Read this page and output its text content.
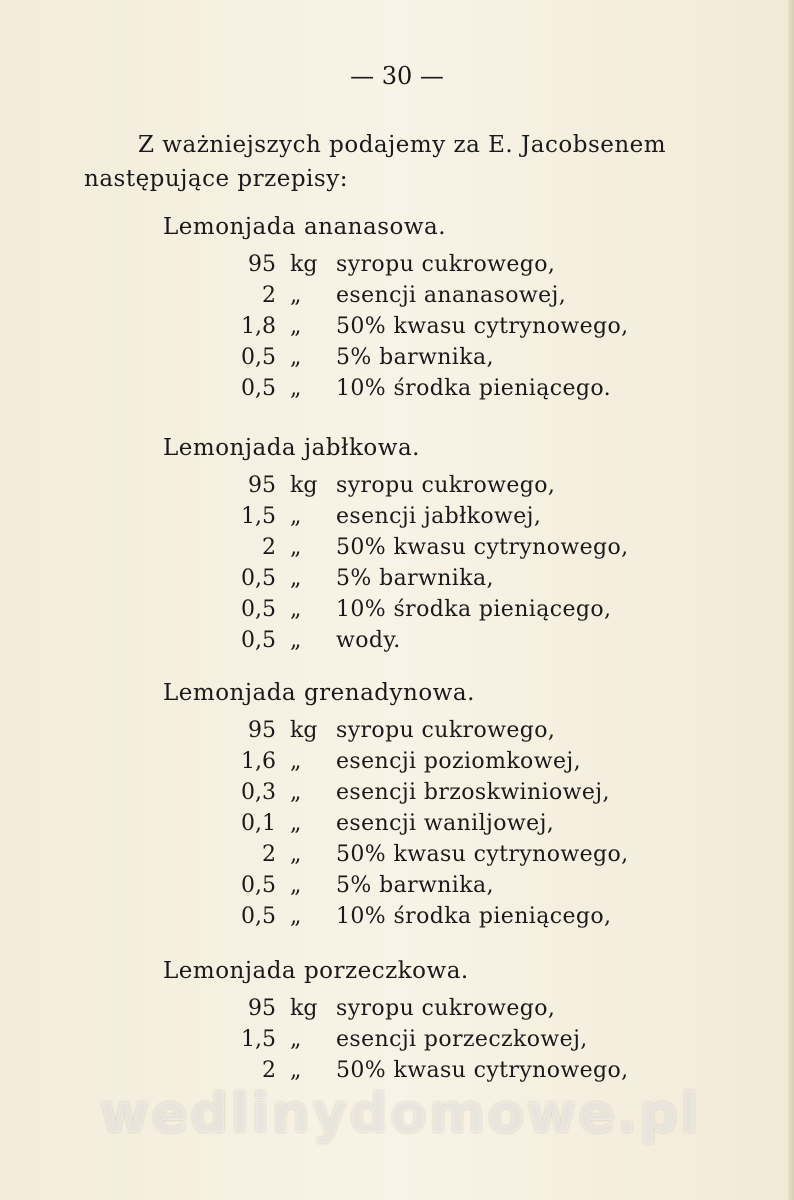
— 30 —
Z ważniejszych podajemy za E. Jacobsenem
następujące przepisy:
Lemonjada ananasowa.
95 kg syropu cukrowego,
2 „	esencji ananasowej,
1,8 „	50% kwasu cytrynowego,
0,5 „	5% barwnika,
0,5 „	10% środka pieniącego.
Lemonjada jabłkowa.
95 kg syropu cukrowego,
1,5 „	esencji jabłkowej,
2 „	50% kwasu cytrynowego,
0,5 „	5% barwnika,
0,5 „	10% środka pieniącego,
0,5 „	wody.
Lemonjada grenadynowa.
95 kg syropu cukrowego,
1,6 „	esencji poziomkowej,
0,3 „	esencji brzoskwiniowej,
0,1 „	esencji waniljowej,
2 „	50% kwasu cytrynowego,
0,5 „	5% barwnika,
0,5 „	10% środka pieniącego,
Lemonjada porzeczkowa.
95 kg syropu cukrowego,
1,5 „	esencji porzeczkowej,
2 „	50% kwasu cytrynowego,
wedlinydomowe.pl
